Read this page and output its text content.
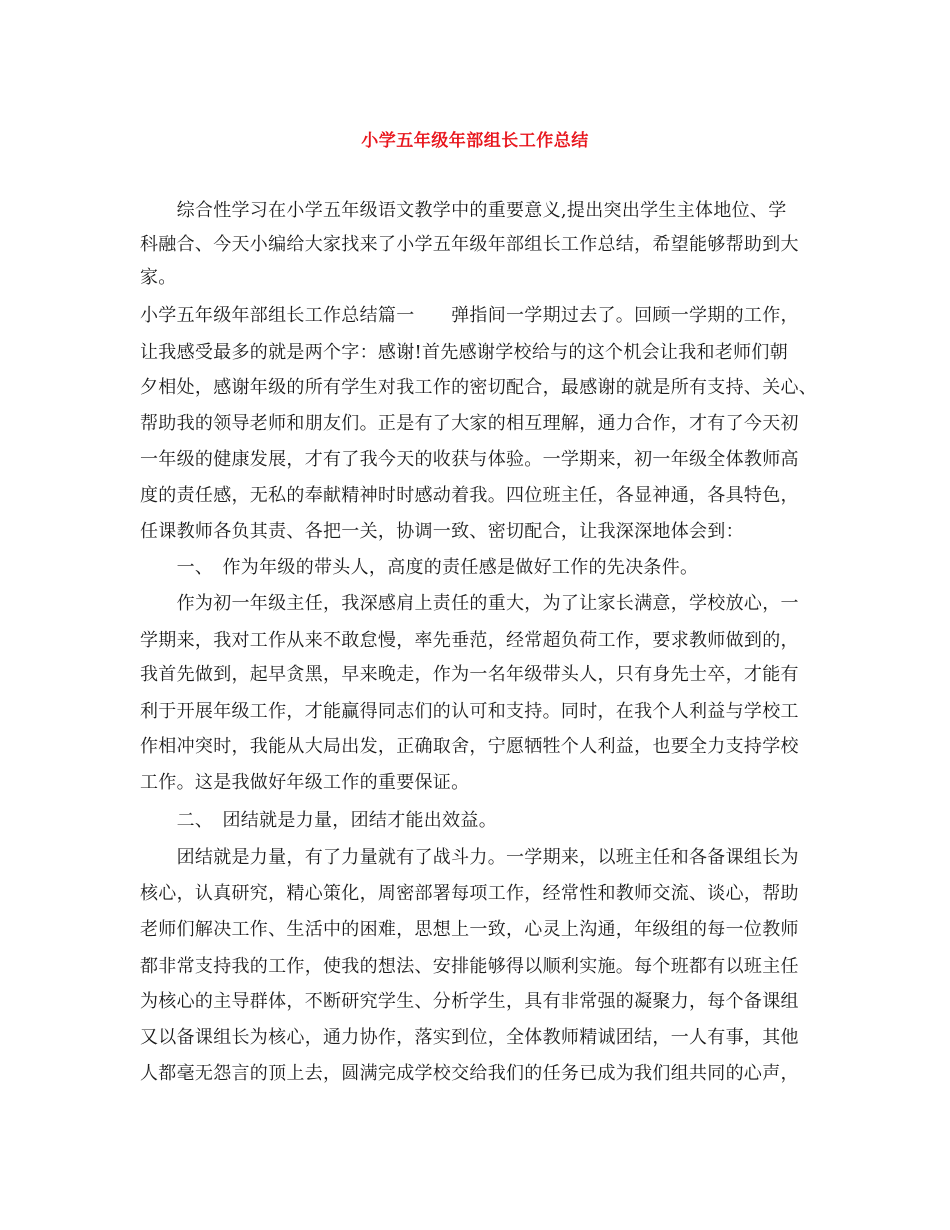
小学五年级年部组长工作总结
　　综合性学习在小学五年级语文教学中的重要意义,提出突出学生主体地位、学
科融合、今天小编给大家找来了小学五年级年部组长工作总结，希望能够帮助到大
家。
小学五年级年部组长工作总结篇一　　弹指间一学期过去了。回顾一学期的工作，
让我感受最多的就是两个字：感谢!首先感谢学校给与的这个机会让我和老师们朝
夕相处，感谢年级的所有学生对我工作的密切配合，最感谢的就是所有支持、关心、
帮助我的领导老师和朋友们。正是有了大家的相互理解，通力合作，才有了今天初
一年级的健康发展，才有了我今天的收获与体验。一学期来，初一年级全体教师高
度的责任感，无私的奉献精神时时感动着我。四位班主任，各显神通，各具特色，
任课教师各负其责、各把一关，协调一致、密切配合，让我深深地体会到：
　　一、　作为年级的带头人，高度的责任感是做好工作的先决条件。
　　作为初一年级主任，我深感肩上责任的重大，为了让家长满意，学校放心，一
学期来，我对工作从来不敢怠慢，率先垂范，经常超负荷工作，要求教师做到的，
我首先做到，起早贪黑，早来晚走，作为一名年级带头人，只有身先士卒，才能有
利于开展年级工作，才能赢得同志们的认可和支持。同时，在我个人利益与学校工
作相冲突时，我能从大局出发，正确取舍，宁愿牺牲个人利益，也要全力支持学校
工作。这是我做好年级工作的重要保证。
　　二、　团结就是力量，团结才能出效益。
　　团结就是力量，有了力量就有了战斗力。一学期来，以班主任和各备课组长为
核心，认真研究，精心策化，周密部署每项工作，经常性和教师交流、谈心，帮助
老师们解决工作、生活中的困难，思想上一致，心灵上沟通，年级组的每一位教师
都非常支持我的工作，使我的想法、安排能够得以顺利实施。每个班都有以班主任
为核心的主导群体，不断研究学生、分析学生，具有非常强的凝聚力，每个备课组
又以备课组长为核心，通力协作，落实到位，全体教师精诚团结，一人有事，其他
人都毫无怨言的顶上去，圆满完成学校交给我们的任务已成为我们组共同的心声，
